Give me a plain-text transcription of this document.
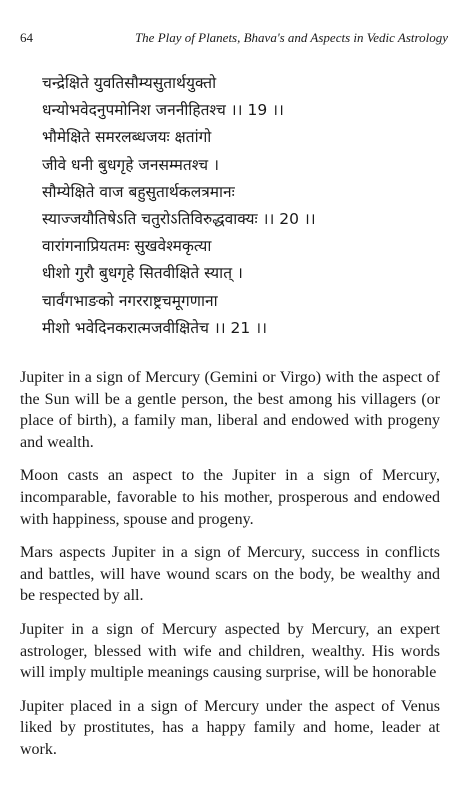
64	The Play of Planets, Bhava's and Aspects in Vedic Astrology
चन्द्रेक्षिते युवतिसौम्यसुतार्थयुक्तो
धन्योभवेदनुपमोनिश जननीहितश्च ।। 19 ।।
भौमेक्षिते समरलब्धजयः क्षतांगो
जीवे धनी बुधगृहे जनसम्मतश्च ।
सौम्येक्षिते वाज बहुसुतार्थकलत्रमानः
स्याज्जयौतिषेऽति चतुरोऽतिविरुद्धवाक्यः ।। 20 ।।
वारांगनाप्रियतमः सुखवेश्मकृत्या
धीशो गुरौ बुधगृहे सितवीक्षिते स्यात् ।
चार्वंगभाङको नगरराष्ट्रचमूगणाना
मीशो भवेदिनकरात्मजवीक्षितेच ।। 21 ।।

Jupiter in a sign of Mercury (Gemini or Virgo) with the aspect of the Sun will be a gentle person, the best among his villagers (or place of birth), a family man, liberal and endowed with progeny and wealth.

Moon casts an aspect to the Jupiter in a sign of Mercury, incomparable, favorable to his mother, prosperous and endowed with happiness, spouse and progeny.

Mars aspects Jupiter in a sign of Mercury, success in conflicts and battles, will have wound scars on the body, be wealthy and be respected by all.

Jupiter in a sign of Mercury aspected by Mercury, an expert astrologer, blessed with wife and children, wealthy. His words will imply multiple meanings causing surprise, will be honorable

Jupiter placed in a sign of Mercury under the aspect of Venus liked by prostitutes, has a happy family and home, leader at work.
